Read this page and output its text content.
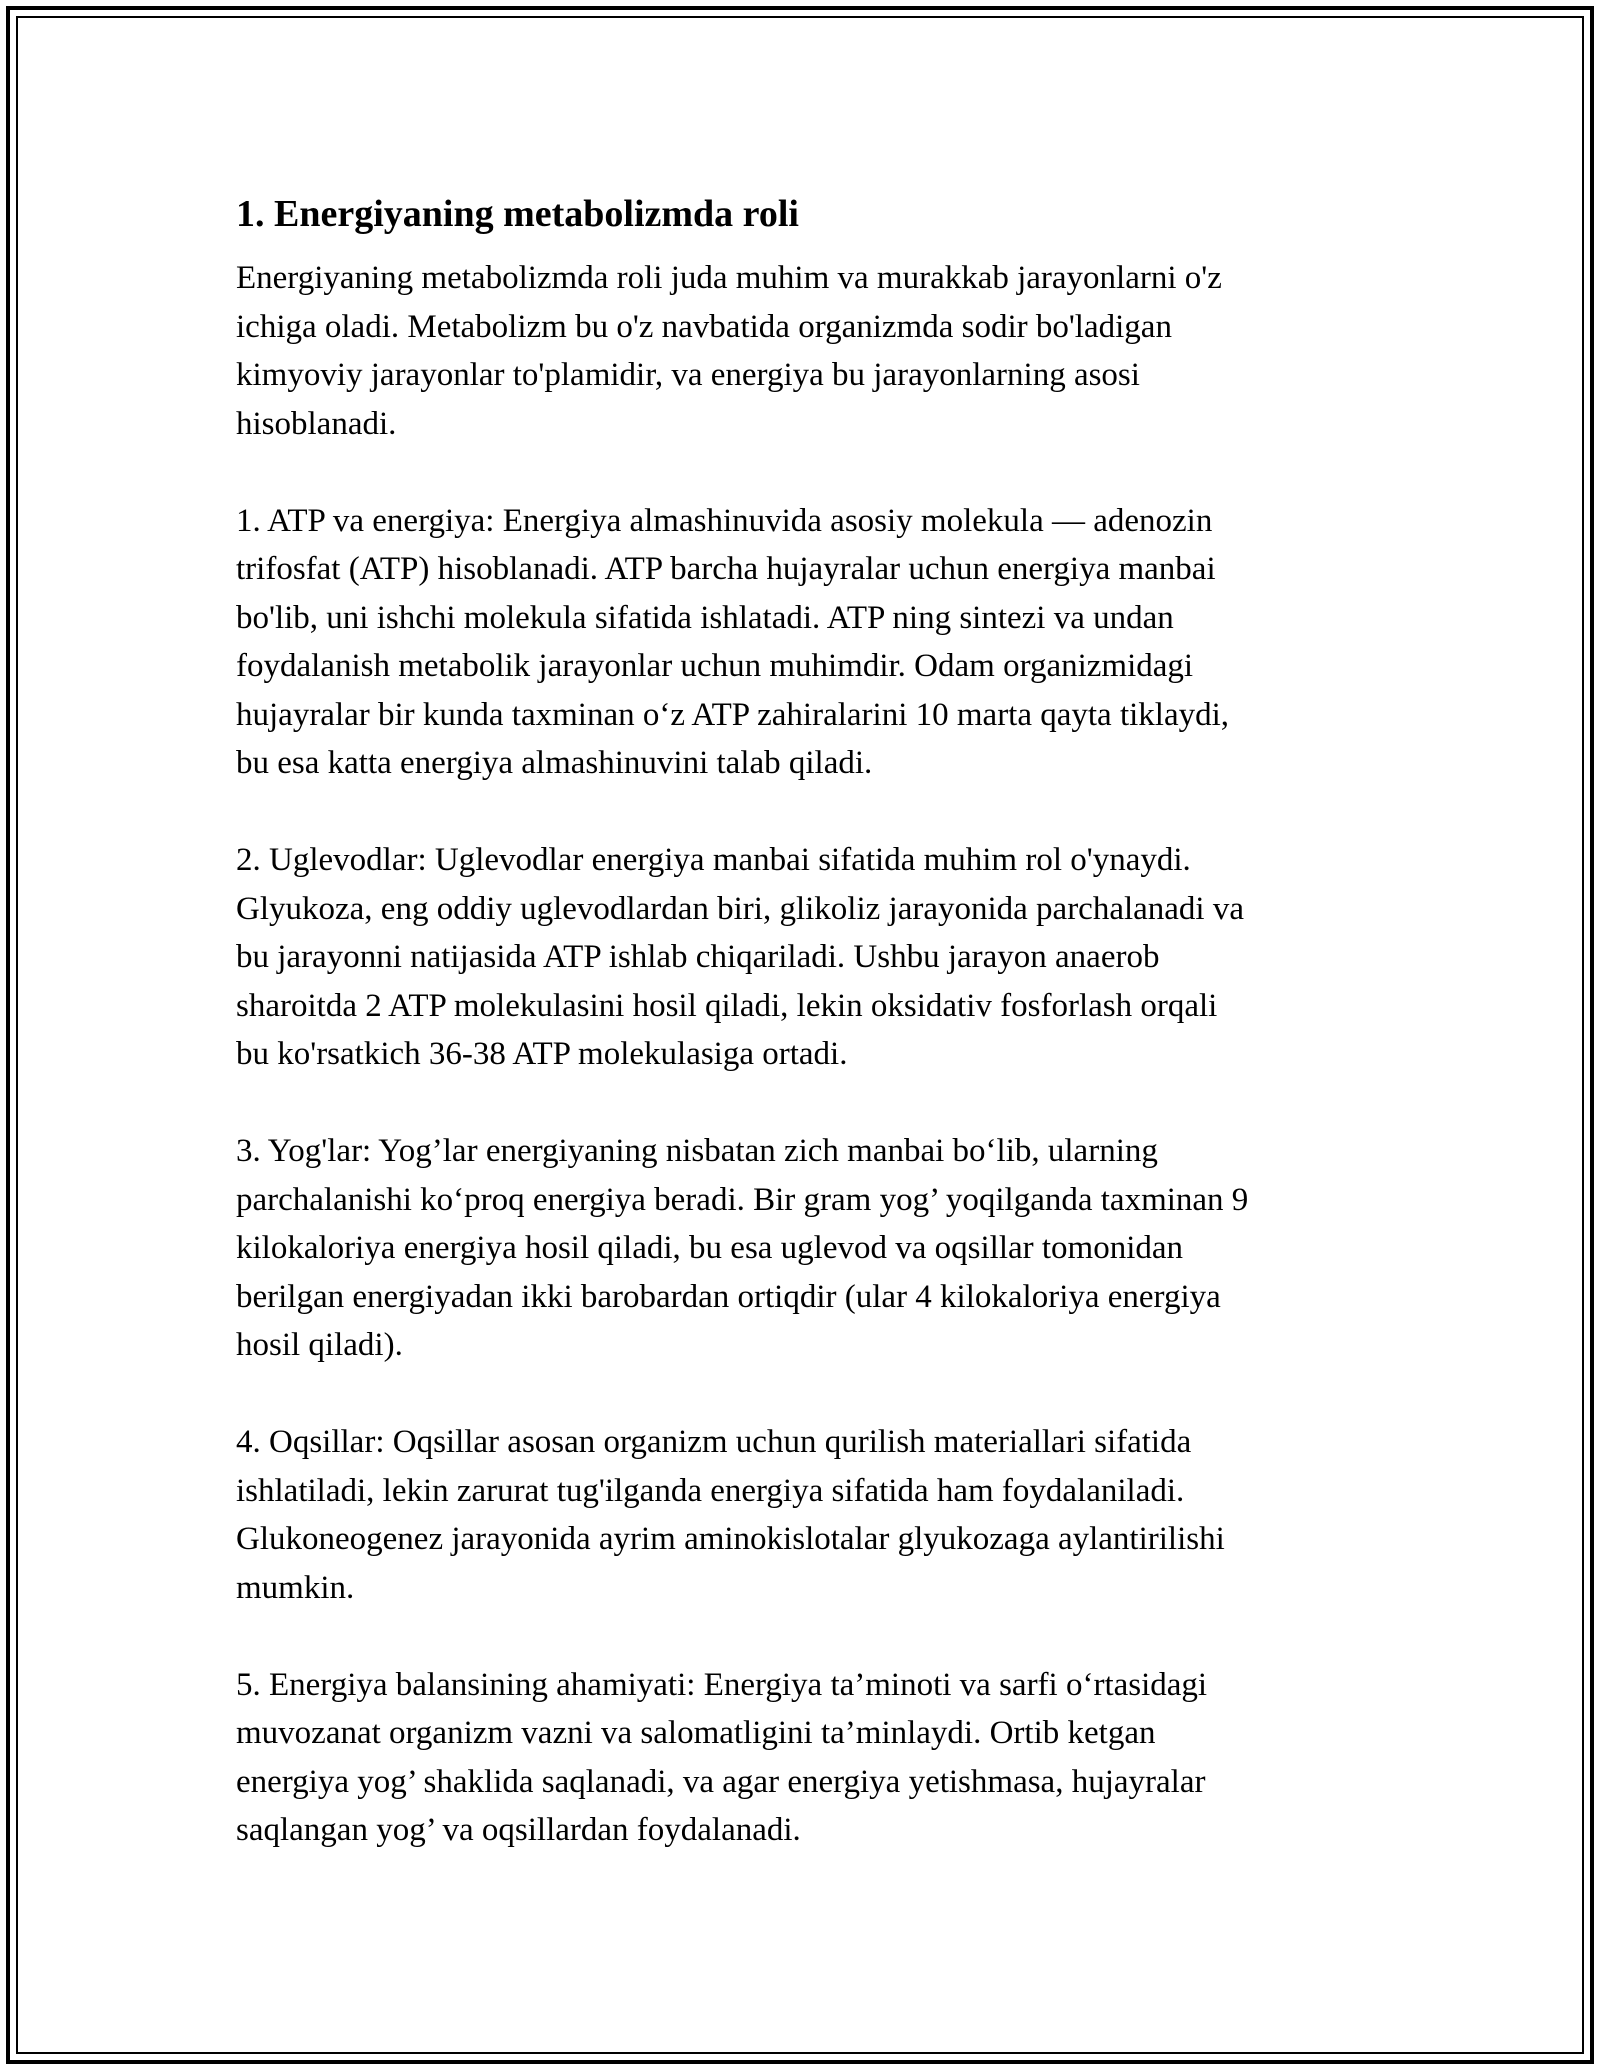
1. Energiyaning metabolizmda roli

Energiyaning metabolizmda roli juda muhim va murakkab jarayonlarni o'z
ichiga oladi. Metabolizm bu o'z navbatida organizmda sodir bo'ladigan
kimyoviy jarayonlar to'plamidir, va energiya bu jarayonlarning asosi
hisoblanadi.

1. ATP va energiya: Energiya almashinuvida asosiy molekula — adenozin
trifosfat (ATP) hisoblanadi. ATP barcha hujayralar uchun energiya manbai
bo'lib, uni ishchi molekula sifatida ishlatadi. ATP ning sintezi va undan
foydalanish metabolik jarayonlar uchun muhimdir. Odam organizmidagi
hujayralar bir kunda taxminan o‘z ATP zahiralarini 10 marta qayta tiklaydi,
bu esa katta energiya almashinuvini talab qiladi.

2. Uglevodlar: Uglevodlar energiya manbai sifatida muhim rol o'ynaydi.
Glyukoza, eng oddiy uglevodlardan biri, glikoliz jarayonida parchalanadi va
bu jarayonni natijasida ATP ishlab chiqariladi. Ushbu jarayon anaerob
sharoitda 2 ATP molekulasini hosil qiladi, lekin oksidativ fosforlash orqali
bu ko'rsatkich 36-38 ATP molekulasiga ortadi.

3. Yog'lar: Yog’lar energiyaning nisbatan zich manbai bo‘lib, ularning
parchalanishi ko‘proq energiya beradi. Bir gram yog’ yoqilganda taxminan 9
kilokaloriya energiya hosil qiladi, bu esa uglevod va oqsillar tomonidan
berilgan energiyadan ikki barobardan ortiqdir (ular 4 kilokaloriya energiya
hosil qiladi).

4. Oqsillar: Oqsillar asosan organizm uchun qurilish materiallari sifatida
ishlatiladi, lekin zarurat tug'ilganda energiya sifatida ham foydalaniladi.
Glukoneogenez jarayonida ayrim aminokislotalar glyukozaga aylantirilishi
mumkin.

5. Energiya balansining ahamiyati: Energiya ta’minoti va sarfi o‘rtasidagi
muvozanat organizm vazni va salomatligini ta’minlaydi. Ortib ketgan
energiya yog’ shaklida saqlanadi, va agar energiya yetishmasa, hujayralar
saqlangan yog’ va oqsillardan foydalanadi.
